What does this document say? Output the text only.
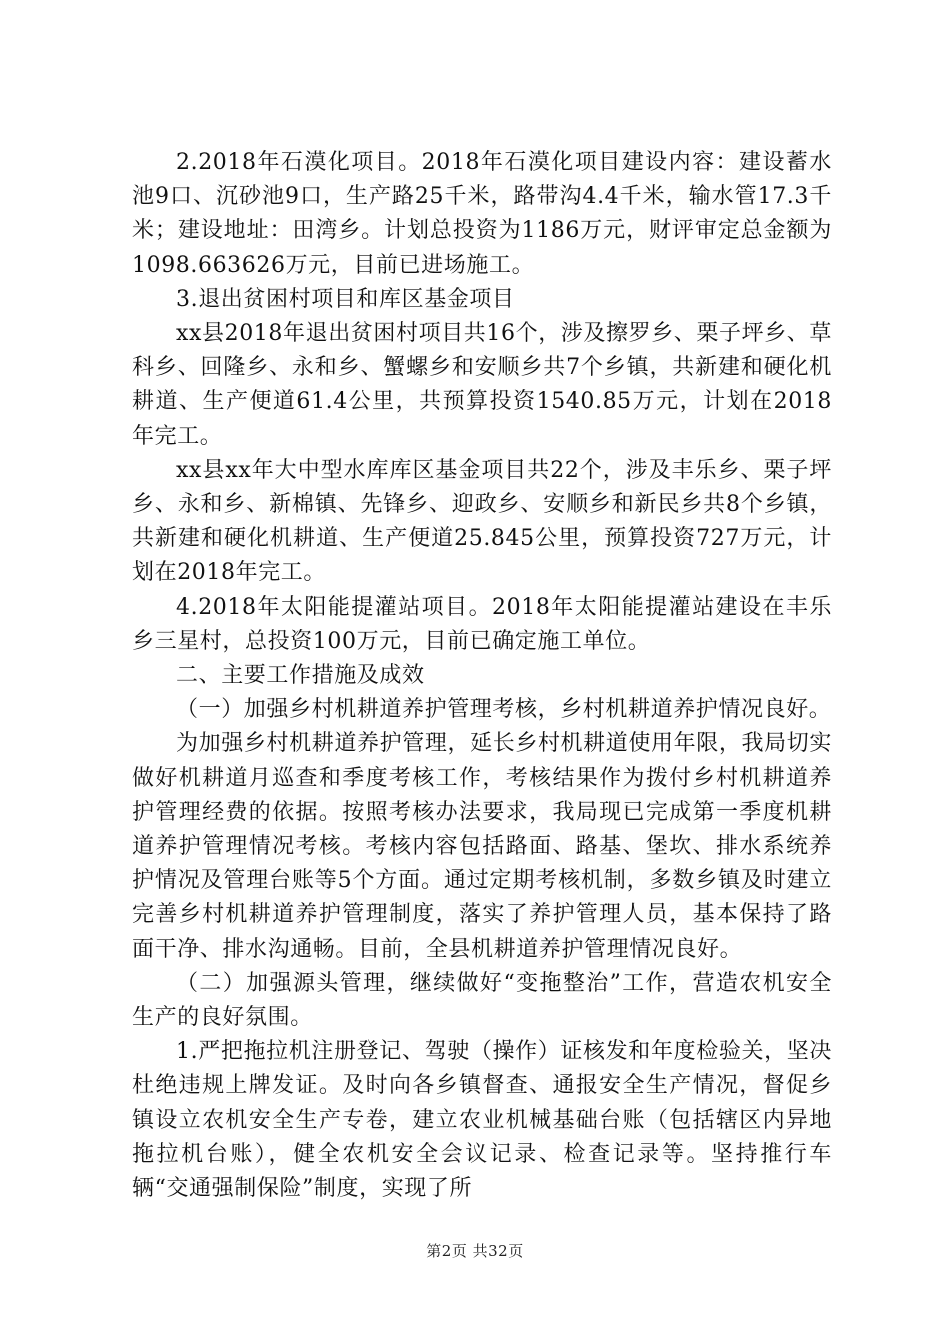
2.2018年石漠化项目。2018年石漠化项目建设内容：建设蓄水池9口、沉砂池9口，生产路25千米，路带沟4.4千米，输水管17.3千米；建设地址：田湾乡。计划总投资为1186万元，财评审定总金额为1098.663626万元，目前已进场施工。

3.退出贫困村项目和库区基金项目

xx县2018年退出贫困村项目共16个，涉及擦罗乡、栗子坪乡、草科乡、回隆乡、永和乡、蟹螺乡和安顺乡共7个乡镇，共新建和硬化机耕道、生产便道61.4公里，共预算投资1540.85万元，计划在2018年完工。

xx县xx年大中型水库库区基金项目共22个，涉及丰乐乡、栗子坪乡、永和乡、新棉镇、先锋乡、迎政乡、安顺乡和新民乡共8个乡镇，共新建和硬化机耕道、生产便道25.845公里，预算投资727万元，计划在2018年完工。

4.2018年太阳能提灌站项目。2018年太阳能提灌站建设在丰乐乡三星村，总投资100万元，目前已确定施工单位。

二、主要工作措施及成效

（一）加强乡村机耕道养护管理考核，乡村机耕道养护情况良好。

为加强乡村机耕道养护管理，延长乡村机耕道使用年限，我局切实做好机耕道月巡查和季度考核工作，考核结果作为拨付乡村机耕道养护管理经费的依据。按照考核办法要求，我局现已完成第一季度机耕道养护管理情况考核。考核内容包括路面、路基、堡坎、排水系统养护情况及管理台账等5个方面。通过定期考核机制，多数乡镇及时建立完善乡村机耕道养护管理制度，落实了养护管理人员，基本保持了路面干净、排水沟通畅。目前，全县机耕道养护管理情况良好。

（二）加强源头管理，继续做好“变拖整治”工作，营造农机安全生产的良好氛围。

1.严把拖拉机注册登记、驾驶（操作）证核发和年度检验关，坚决杜绝违规上牌发证。及时向各乡镇督查、通报安全生产情况，督促乡镇设立农机安全生产专卷，建立农业机械基础台账（包括辖区内异地拖拉机台账），健全农机安全会议记录、检查记录等。坚持推行车辆“交通强制保险”制度，实现了所

第2页 共32页
